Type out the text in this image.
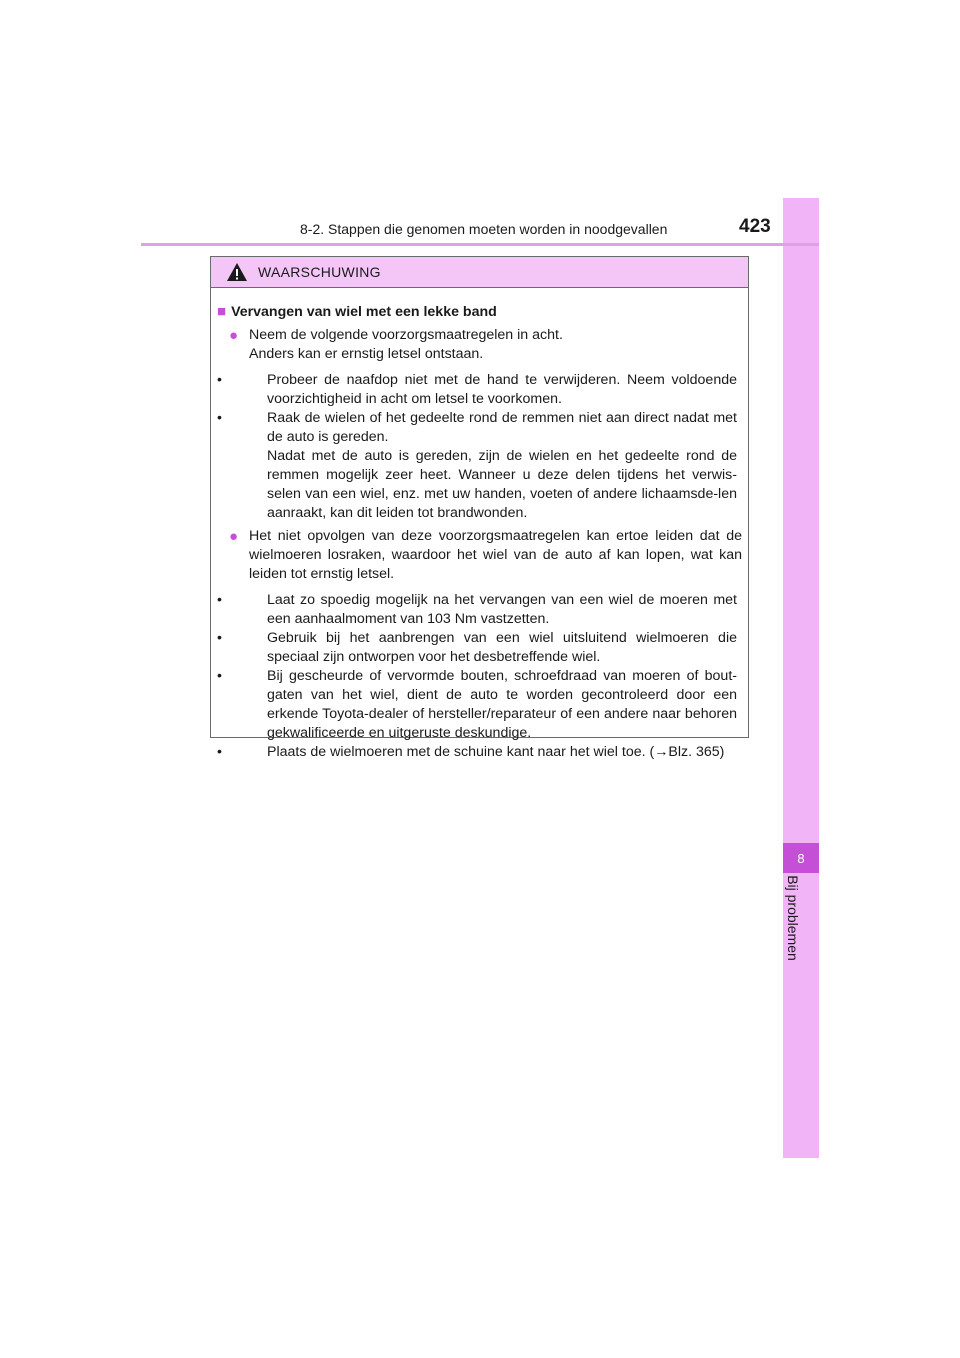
8
Bij problemen
8-2. Stappen die genomen moeten worden in noodgevallen	423
WAARSCHUWING
■ Vervangen van wiel met een lekke band
● Neem de volgende voorzorgsmaatregelen in acht.
Anders kan er ernstig letsel ontstaan.
•	Probeer de naafdop niet met de hand te verwijderen. Neem voldoende voorzichtigheid in acht om letsel te voorkomen.
•	Raak de wielen of het gedeelte rond de remmen niet aan direct nadat met de auto is gereden.
Nadat met de auto is gereden, zijn de wielen en het gedeelte rond de remmen mogelijk zeer heet. Wanneer u deze delen tijdens het verwis-selen van een wiel, enz. met uw handen, voeten of andere lichaamsde-len aanraakt, kan dit leiden tot brandwonden.
● Het niet opvolgen van deze voorzorgsmaatregelen kan ertoe leiden dat de wielmoeren losraken, waardoor het wiel van de auto af kan lopen, wat kan leiden tot ernstig letsel.
•	Laat zo spoedig mogelijk na het vervangen van een wiel de moeren met een aanhaalmoment van 103 Nm vastzetten.
•	Gebruik bij het aanbrengen van een wiel uitsluitend wielmoeren die speciaal zijn ontworpen voor het desbetreffende wiel.
•	Bij gescheurde of vervormde bouten, schroefdraad van moeren of bout-gaten van het wiel, dient de auto te worden gecontroleerd door een erkende Toyota-dealer of hersteller/reparateur of een andere naar behoren gekwalificeerde en uitgeruste deskundige.
•	Plaats de wielmoeren met de schuine kant naar het wiel toe. (→Blz. 365)
